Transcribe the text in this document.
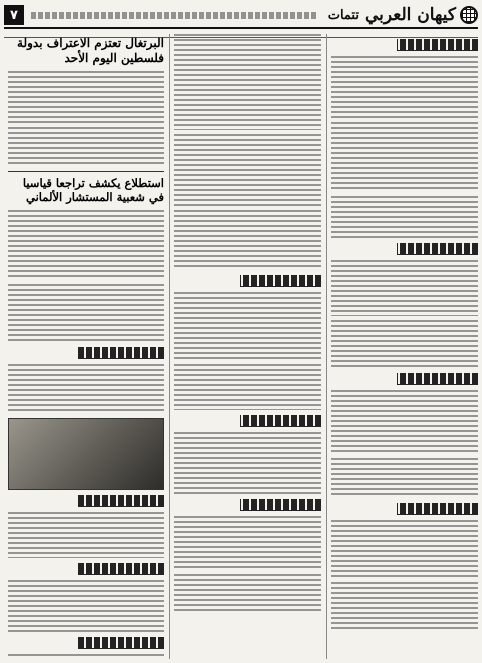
كيهان العربي
تتمات
٧
البرتغال تعتزم الاعتراف بدولة فلسطين اليوم الأحد
استطلاع يكشف تراجعا قياسيا في شعبية المستشار الألماني
